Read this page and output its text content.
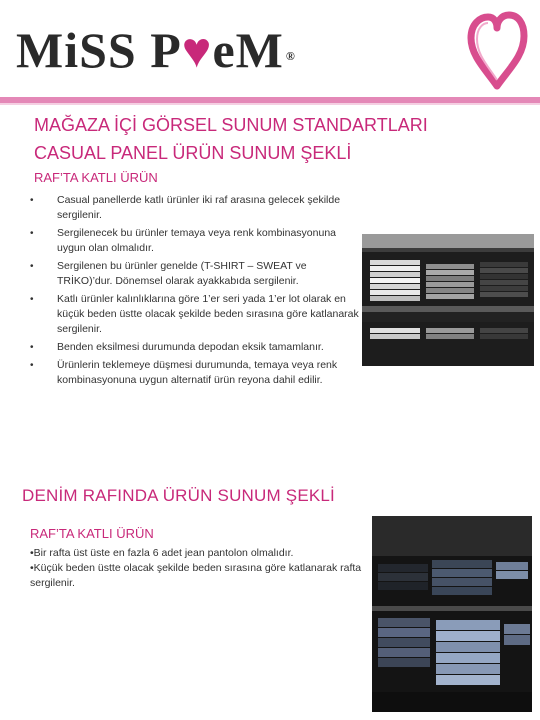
MiSS P♥eM ®
MAĞAZA İÇİ GÖRSEL SUNUM STANDARTLARI
CASUAL PANEL ÜRÜN SUNUM ŞEKLİ
RAF’TA KATLI ÜRÜN
• Casual panellerde katlı ürünler iki raf arasına gelecek şekilde sergilenir.
• Sergilenecek bu ürünler temaya veya renk kombinasyonuna uygun olan olmalıdır.
• Sergilenen bu ürünler genelde (T-SHIRT – SWEAT ve TRİKO)’dur. Dönemsel olarak ayakkabıda sergilenir.
• Katlı ürünler kalınlıklarına göre 1’er seri yada 1’er lot olarak en küçük beden üstte olacak şekilde beden sırasına göre katlanarak sergilenir.
• Benden eksilmesi durumunda depodan eksik tamamlanır.
• Ürünlerin teklemeye düşmesi durumunda, temaya veya renk kombinasyonuna uygun alternatif ürün reyona dahil edilir.
DENİM RAFINDA ÜRÜN SUNUM ŞEKLİ
RAF’TA KATLI ÜRÜN
•Bir rafta üst üste en fazla 6 adet jean pantolon olmalıdır.
•Küçük beden üstte olacak şekilde beden sırasına göre katlanarak rafta sergilenir.
